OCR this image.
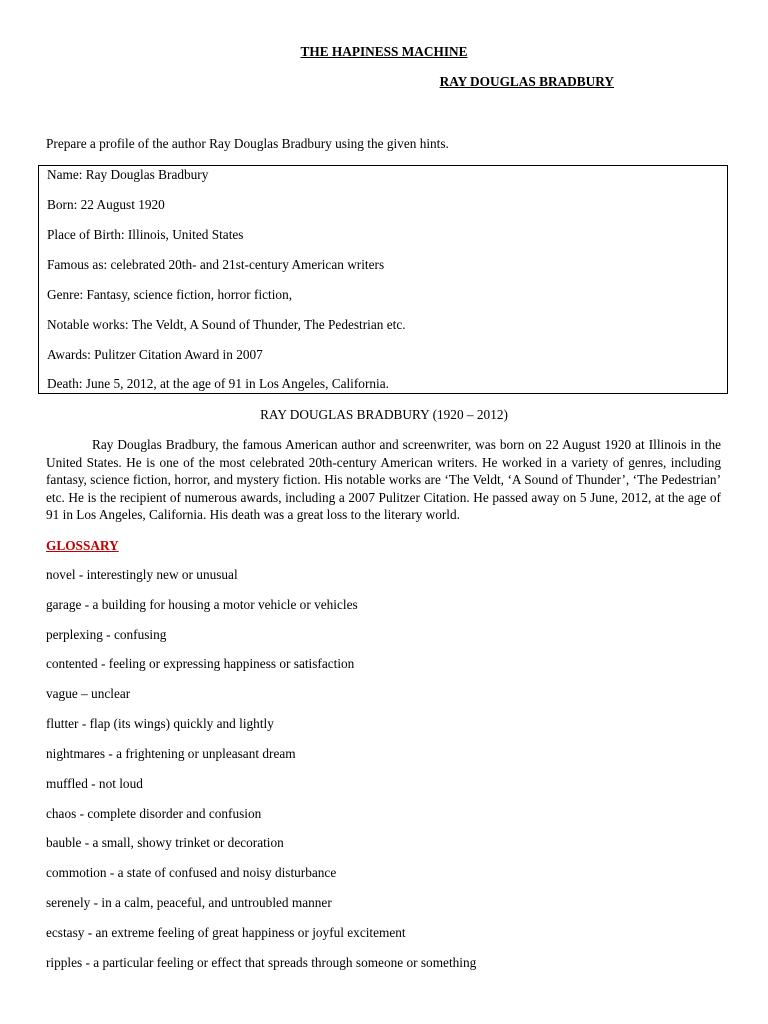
THE HAPINESS MACHINE
RAY DOUGLAS BRADBURY
Prepare a profile of the author Ray Douglas Bradbury using the given hints.
Name: Ray Douglas Bradbury
Born: 22 August 1920
Place of Birth: Illinois, United States
Famous as: celebrated 20th- and 21st-century American writers
Genre: Fantasy, science fiction, horror fiction,
Notable works: The Veldt, A Sound of Thunder, The Pedestrian etc.
Awards: Pulitzer Citation Award in 2007
Death: June 5, 2012, at the age of 91 in Los Angeles, California.
RAY DOUGLAS BRADBURY (1920 – 2012)

Ray Douglas Bradbury, the famous American author and screenwriter, was born on 22 August 1920 at Illinois in the United States. He is one of the most celebrated 20th-century American writers. He worked in a variety of genres, including fantasy, science fiction, horror, and mystery fiction. His notable works are ‘The Veldt, ‘A Sound of Thunder’, ‘The Pedestrian’ etc. He is the recipient of numerous awards, including a 2007 Pulitzer Citation. He passed away on 5 June, 2012, at the age of 91 in Los Angeles, California. His death was a great loss to the literary world.

GLOSSARY
novel - interestingly new or unusual
garage - a building for housing a motor vehicle or vehicles
perplexing - confusing
contented - feeling or expressing happiness or satisfaction
vague – unclear
flutter - flap (its wings) quickly and lightly
nightmares - a frightening or unpleasant dream
muffled - not loud
chaos - complete disorder and confusion
bauble - a small, showy trinket or decoration
commotion - a state of confused and noisy disturbance
serenely - in a calm, peaceful, and untroubled manner
ecstasy - an extreme feeling of great happiness or joyful excitement
ripples - a particular feeling or effect that spreads through someone or something
